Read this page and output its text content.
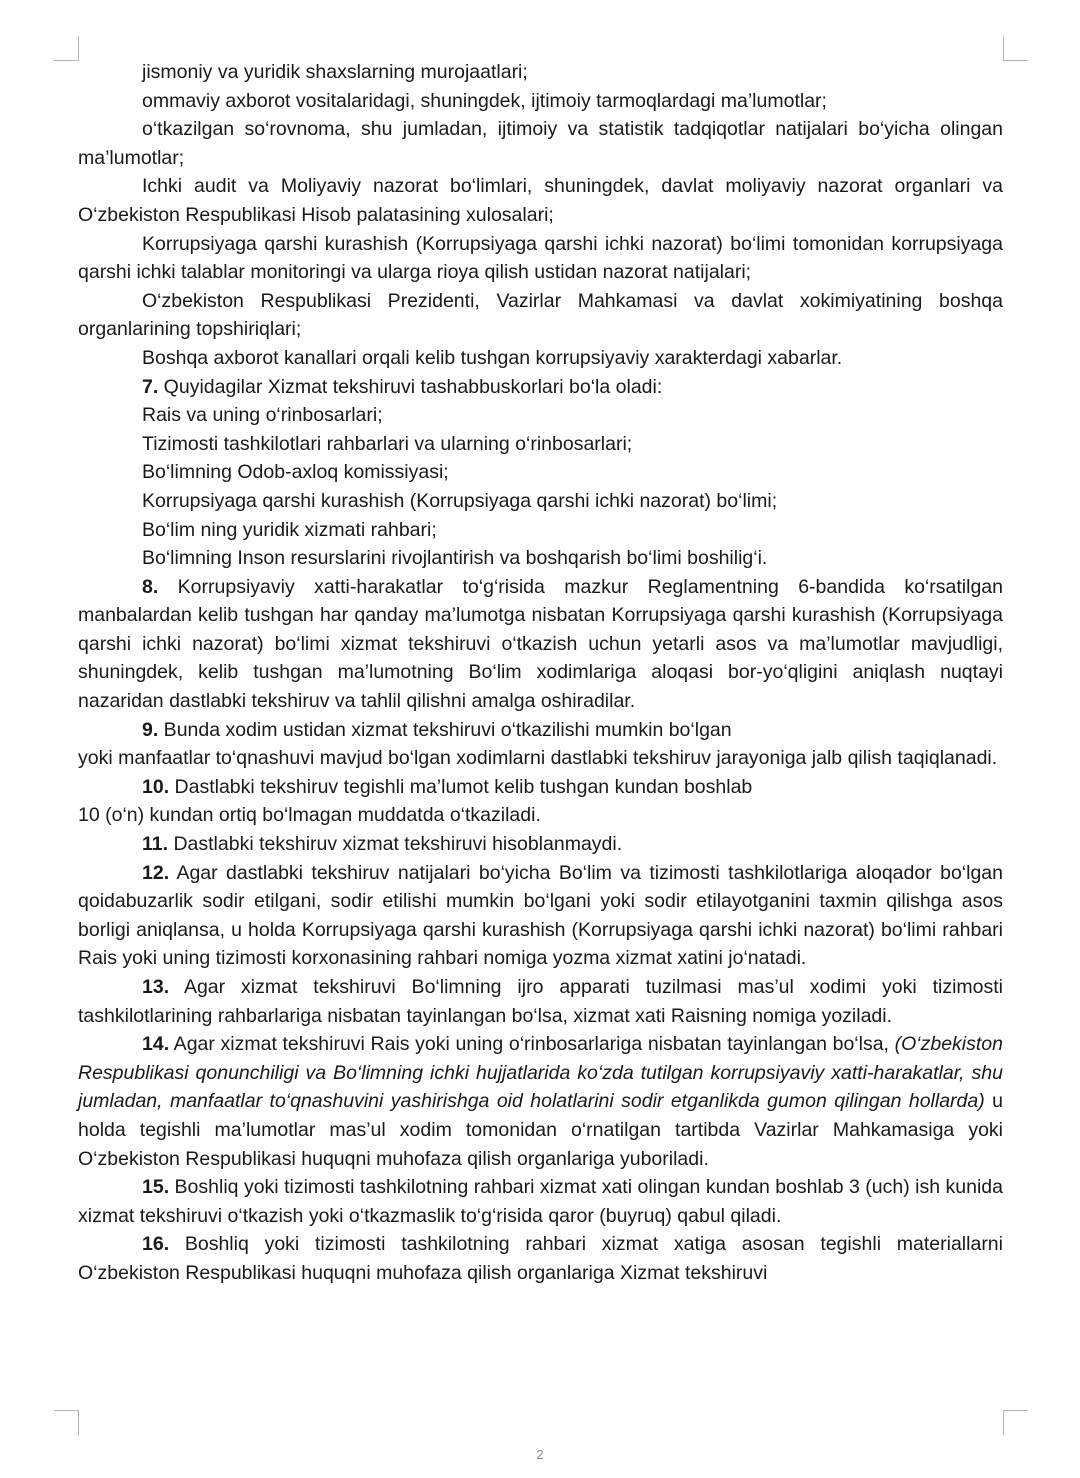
jismoniy va yuridik shaxslarning murojaatlari;

ommaviy axborot vositalaridagi, shuningdek, ijtimoiy tarmoqlardagi ma’lumotlar;

o‘tkazilgan so‘rovnoma, shu jumladan, ijtimoiy va statistik tadqiqotlar natijalari bo‘yicha olingan ma’lumotlar;

Ichki audit va Moliyaviy nazorat bo‘limlari, shuningdek, davlat moliyaviy nazorat organlari va O‘zbekiston Respublikasi Hisob palatasining xulosalari;

Korrupsiyaga qarshi kurashish (Korrupsiyaga qarshi ichki nazorat) bo‘limi tomonidan korrupsiyaga qarshi ichki talablar monitoringi va ularga rioya qilish ustidan nazorat natijalari;

O‘zbekiston Respublikasi Prezidenti, Vazirlar Mahkamasi va davlat xokimiyatining boshqa organlarining topshiriqlari;

Boshqa axborot kanallari orqali kelib tushgan korrupsiyaviy xarakterdagi xabarlar.

7. Quyidagilar Xizmat tekshiruvi tashabbuskorlari bo‘la oladi:

Rais va uning o‘rinbosarlari;

Tizimosti tashkilotlari rahbarlari va ularning o‘rinbosarlari;

Bo‘limning Odob-axloq komissiyasi;

Korrupsiyaga qarshi kurashish (Korrupsiyaga qarshi ichki nazorat) bo‘limi;

Bo‘lim ning yuridik xizmati rahbari;

Bo‘limning Inson resurslarini rivojlantirish va boshqarish bo‘limi boshilig‘i.

8. Korrupsiyaviy xatti-harakatlar to‘g‘risida mazkur Reglamentning 6-bandida ko‘rsatilgan manbalardan kelib tushgan har qanday ma’lumotga nisbatan Korrupsiyaga qarshi kurashish (Korrupsiyaga qarshi ichki nazorat) bo‘limi xizmat tekshiruvi o‘tkazish uchun yetarli asos va ma’lumotlar mavjudligi, shuningdek, kelib tushgan ma’lumotning Bo‘lim xodimlariga aloqasi bor-yo‘qligini aniqlash nuqtayi nazaridan dastlabki tekshiruv va tahlil qilishni amalga oshiradilar.

9. Bunda xodim ustidan xizmat tekshiruvi o‘tkazilishi mumkin bo‘lgan

yoki manfaatlar to‘qnashuvi mavjud bo‘lgan xodimlarni dastlabki tekshiruv jarayoniga jalb qilish taqiqlanadi.

10. Dastlabki tekshiruv tegishli ma’lumot kelib tushgan kundan boshlab

10 (o‘n) kundan ortiq bo‘lmagan muddatda o‘tkaziladi.

11. Dastlabki tekshiruv xizmat tekshiruvi hisoblanmaydi.

12. Agar dastlabki tekshiruv natijalari bo‘yicha Bo‘lim va tizimosti tashkilotlariga aloqador bo‘lgan qoidabuzarlik sodir etilgani, sodir etilishi mumkin bo‘lgani yoki sodir etilayotganini taxmin qilishga asos borligi aniqlansa, u holda Korrupsiyaga qarshi kurashish (Korrupsiyaga qarshi ichki nazorat) bo‘limi rahbari Rais yoki uning tizimosti korxonasining rahbari nomiga yozma xizmat xatini jo‘natadi.

13. Agar xizmat tekshiruvi Bo‘limning ijro apparati tuzilmasi mas’ul xodimi yoki tizimosti tashkilotlarining rahbarlariga nisbatan tayinlangan bo‘lsa, xizmat xati Raisning nomiga yoziladi.

14. Agar xizmat tekshiruvi Rais yoki uning o‘rinbosarlariga nisbatan tayinlangan bo‘lsa, (O‘zbekiston Respublikasi qonunchiligi va Bo‘limning ichki hujjatlarida ko‘zda tutilgan korrupsiyaviy xatti-harakatlar, shu jumladan, manfaatlar to‘qnashuvini yashirishga oid holatlarini sodir etganlikda gumon qilingan hollarda) u holda tegishli ma’lumotlar mas’ul xodim tomonidan o‘rnatilgan tartibda Vazirlar Mahkamasiga yoki O‘zbekiston Respublikasi huquqni muhofaza qilish organlariga yuboriladi.

15. Boshliq yoki tizimosti tashkilotning rahbari xizmat xati olingan kundan boshlab 3 (uch) ish kunida xizmat tekshiruvi o‘tkazish yoki o‘tkazmaslik to‘g‘risida qaror (buyruq) qabul qiladi.

16. Boshliq yoki tizimosti tashkilotning rahbari xizmat xatiga asosan tegishli materiallarni O‘zbekiston Respublikasi huquqni muhofaza qilish organlariga Xizmat tekshiruvi

2
